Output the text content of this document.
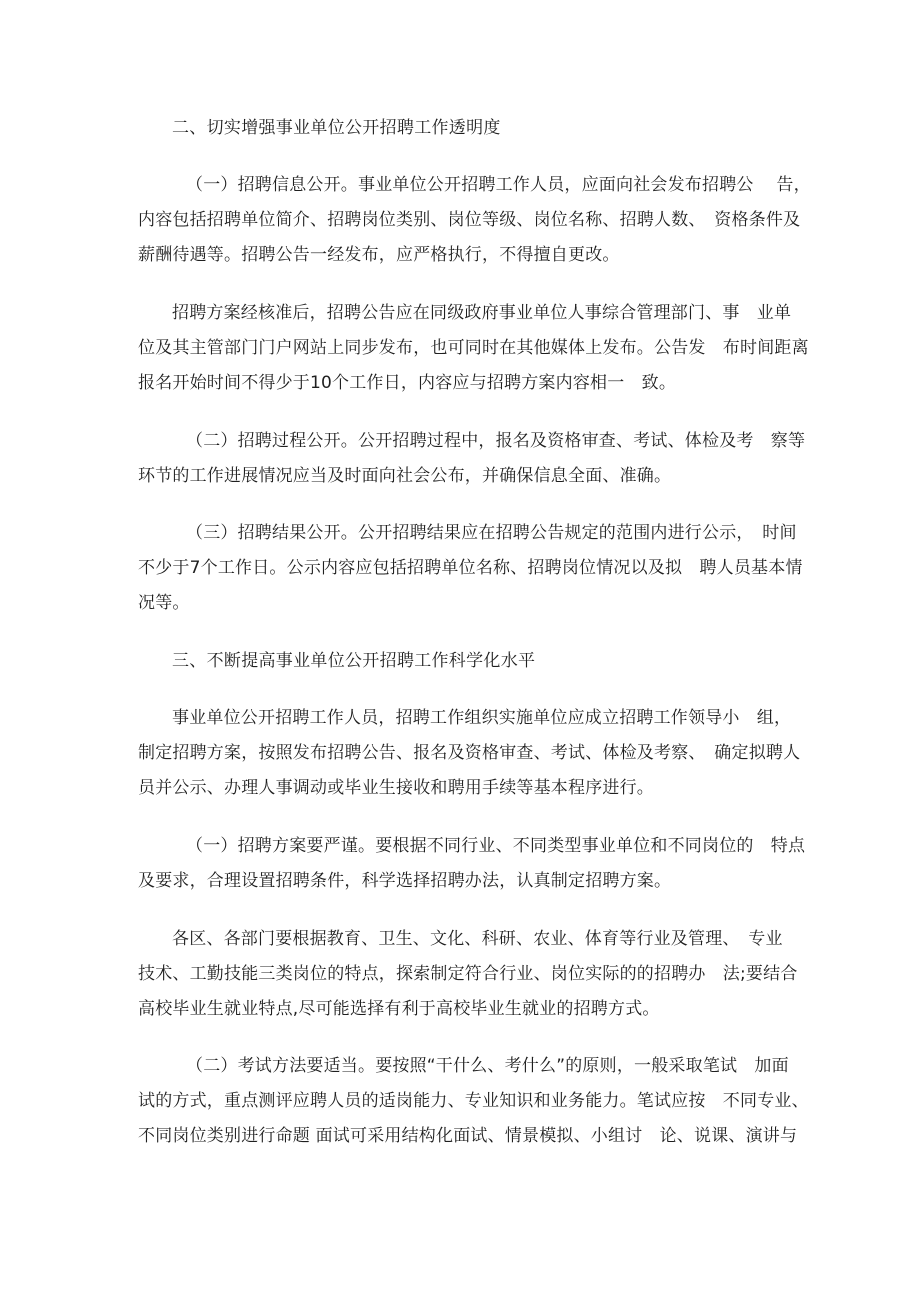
二、切实增强事业单位公开招聘工作透明度
（一）招聘信息公开。事业单位公开招聘工作人员，应面向社会发布招聘公　 告，
内容包括招聘单位简介、招聘岗位类别、岗位等级、岗位名称、招聘人数、　资格条件及
薪酬待遇等。招聘公告一经发布，应严格执行，不得擅自更改。
招聘方案经核准后，招聘公告应在同级政府事业单位人事综合管理部门、事　业单
位及其主管部门门户网站上同步发布，也可同时在其他媒体上发布。公告发　布时间距离
报名开始时间不得少于10个工作日，内容应与招聘方案内容相一　致。
（二）招聘过程公开。公开招聘过程中，报名及资格审查、考试、体检及考　察等
环节的工作进展情况应当及时面向社会公布，并确保信息全面、准确。
（三）招聘结果公开。公开招聘结果应在招聘公告规定的范围内进行公示，　时间
不少于7个工作日。公示内容应包括招聘单位名称、招聘岗位情况以及拟　聘人员基本情
况等。
三、不断提高事业单位公开招聘工作科学化水平
事业单位公开招聘工作人员，招聘工作组织实施单位应成立招聘工作领导小　组，
制定招聘方案，按照发布招聘公告、报名及资格审查、考试、体检及考察、　确定拟聘人
员并公示、办理人事调动或毕业生接收和聘用手续等基本程序进行。
（一）招聘方案要严谨。要根据不同行业、不同类型事业单位和不同岗位的　特点
及要求，合理设置招聘条件，科学选择招聘办法，认真制定招聘方案。
各区、各部门要根据教育、卫生、文化、科研、农业、体育等行业及管理、　专业
技术、工勤技能三类岗位的特点，探索制定符合行业、岗位实际的的招聘办　法;要结合
高校毕业生就业特点,尽可能选择有利于高校毕业生就业的招聘方式。
（二）考试方法要适当。要按照“干什么、考什么”的原则，一般采取笔试　加面
试的方式，重点测评应聘人员的适岗能力、专业知识和业务能力。笔试应按　不同专业、
不同岗位类别进行命题 面试可采用结构化面试、情景模拟、小组讨　论、说课、演讲与
